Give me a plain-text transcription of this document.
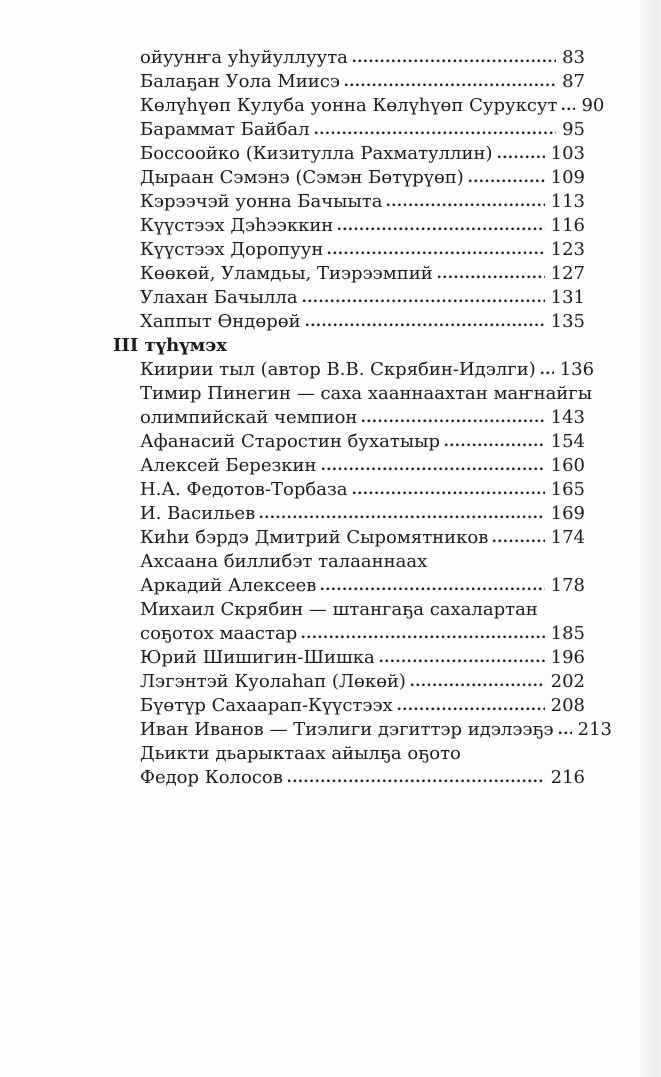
ойуунҥа уһуйуллуута	83
Балаҕан Уола Миисэ	87
Көлүһүөп Кулуба уонна Көлүһүөп Суруксут 90
Бараммат Байбал	95
Боссоойко (Кизитулла Рахматуллин)	103
Дыраан Сэмэнэ (Сэмэн Бөтүрүөп)	109
Кэрээчэй уонна Бачыыта	113
Күүстээх Дэһээккин	116
Күүстээх Доропуун	123
Көөкөй, Уламдьы, Тиэрээмпий	127
Улахан Бачылла	131
Хаппыт Өндөрөй	135
III түһүмэх
Киирии тыл (автор В.В. Скрябин-Идэлги) 136
Тимир Пинегин — саха хааннаахтан маҥнайгы
олимпийскай чемпион	143
Афанасий Старостин бухатыыр	154
Алексей Березкин	160
Н.А. Федотов-Торбаза	165
И. Васильев	169
Киһи бэрдэ Дмитрий Сыромятников	174
Ахсаана биллибэт талааннаах
Аркадий Алексеев	178
Михаил Скрябин — штангаҕа сахалартан
соҕотох маастар	185
Юрий Шишигин-Шишка	196
Лэгэнтэй Куолаһап (Лөкөй)	202
Бүөтүр Сахаарап-Күүстээх	208
Иван Иванов — Тиэлиги дэгиттэр идэлээҕэ 213
Дьикти дьарыктаах айылҕа оҕото
Федор Колосов	216
